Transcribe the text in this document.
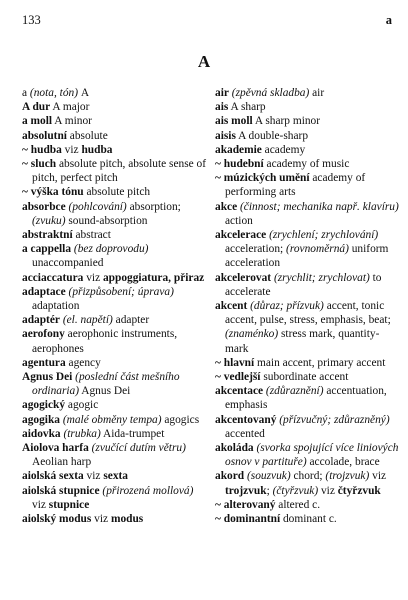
133	a
A
a (nota, tón) A
A dur A major
a moll A minor
absolutní absolute
~ hudba viz hudba
~ sluch absolute pitch, absolute sense of pitch, perfect pitch
~ výška tónu absolute pitch
absorbce (pohlcování) absorption; (zvuku) sound-absorption
abstraktní abstract
a cappella (bez doprovodu) unaccompanied
acciaccatura viz appoggiatura, přiraz
adaptace (přizpůsobení; úprava) adaptation
adaptér (el. napětí) adapter
aerofony aerophonic instruments, aerophones
agentura agency
Agnus Dei (poslední část mešního ordinaria) Agnus Dei
agogický agogic
agogika (malé obměny tempa) agogics
aidovka (trubka) Aida-trumpet
Aiolova harfa (zvučící dutím větru) Aeolian harp
aiolská sexta viz sexta
aiolská stupnice (přirozená mollová) viz stupnice
aiolský modus viz modus
air (zpěvná skladba) air
ais A sharp
ais moll A sharp minor
aisis A double-sharp
akademie academy
~ hudební academy of music
~ múzických umění academy of performing arts
akce (činnost; mechanika např. klavíru) action
akcelerace (zrychlení; zrychlování) acceleration; (rovnoměrná) uniform acceleration
akcelerovat (zrychlit; zrychlovat) to accelerate
akcent (důraz; přízvuk) accent, tonic accent, pulse, stress, emphasis, beat; (znaménko) stress mark, quantity-mark
~ hlavní main accent, primary accent
~ vedlejší subordinate accent
akcentace (zdůraznění) accentuation, emphasis
akcentovaný (přízvučný; zdůrazněný) accented
akoláda (svorka spojující více liniových osnov v partituře) accolade, brace
akord (souzvuk) chord; (trojzvuk) viz trojzvuk; (čtyřzvuk) viz čtyřzvuk
~ alterovaný altered c.
~ dominantní dominant c.
